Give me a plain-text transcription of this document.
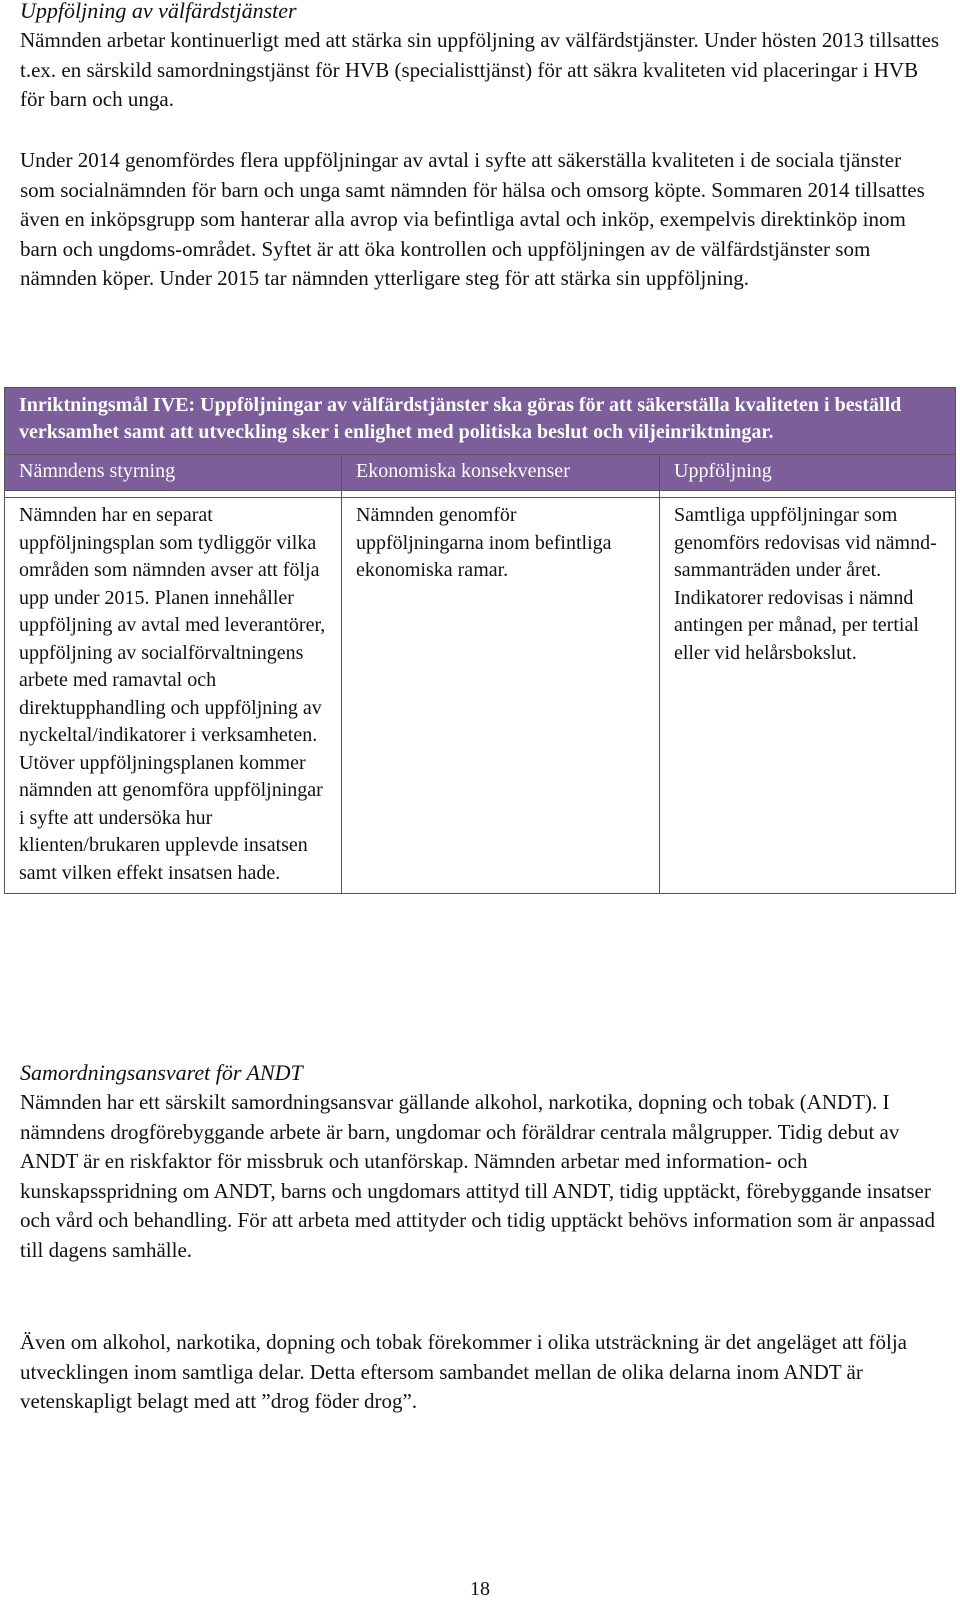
Uppföljning av välfärdstjänster

Nämnden arbetar kontinuerligt med att stärka sin uppföljning av välfärdstjänster. Under hösten 2013 tillsattes t.ex. en särskild samordningstjänst för HVB (specialisttjänst) för att säkra kvaliteten vid placeringar i HVB för barn och unga.

Under 2014 genomfördes flera uppföljningar av avtal i syfte att säkerställa kvaliteten i de sociala tjänster som socialnämnden för barn och unga samt nämnden för hälsa och omsorg köpte. Sommaren 2014 tillsattes även en inköpsgrupp som hanterar alla avrop via befintliga avtal och inköp, exempelvis direktinköp inom barn och ungdoms-området. Syftet är att öka kontrollen och uppföljningen av de välfärdstjänster som nämnden köper. Under 2015 tar nämnden ytterligare steg för att stärka sin uppföljning.

Inriktningsmål IVE: Uppföljningar av välfärdstjänster ska göras för att säkerställa kvaliteten i beställd verksamhet samt att utveckling sker i enlighet med politiska beslut och viljeinriktningar.		
Nämndens styrning	Ekonomiska konsekvenser	Uppföljning

Nämnden har en separat uppföljningsplan som tydliggör vilka områden som nämnden avser att följa upp under 2015. Planen innehåller uppföljning av avtal med leverantörer, uppföljning av socialförvaltningens arbete med ramavtal och direktupphandling och uppföljning av nyckeltal/indikatorer i verksamheten. Utöver uppföljningsplanen kommer nämnden att genomföra uppföljningar i syfte att undersöka hur klienten/brukaren upplevde insatsen samt vilken effekt insatsen hade.	Nämnden genomför uppföljningarna inom befintliga ekonomiska ramar.	Samtliga uppföljningar som genomförs redovisas vid nämnd-sammanträden under året. Indikatorer redovisas i nämnd antingen per månad, per tertial eller vid helårsbokslut.

Samordningsansvaret för ANDT

Nämnden har ett särskilt samordningsansvar gällande alkohol, narkotika, dopning och tobak (ANDT). I nämndens drogförebyggande arbete är barn, ungdomar och föräldrar centrala målgrupper. Tidig debut av ANDT är en riskfaktor för missbruk och utanförskap. Nämnden arbetar med information- och kunskapsspridning om ANDT, barns och ungdomars attityd till ANDT, tidig upptäckt, förebyggande insatser och vård och behandling. För att arbeta med attityder och tidig upptäckt behövs information som är anpassad till dagens samhälle.

Även om alkohol, narkotika, dopning och tobak förekommer i olika utsträckning är det angeläget att följa utvecklingen inom samtliga delar. Detta eftersom sambandet mellan de olika delarna inom ANDT är vetenskapligt belagt med att ”drog föder drog”.

18
